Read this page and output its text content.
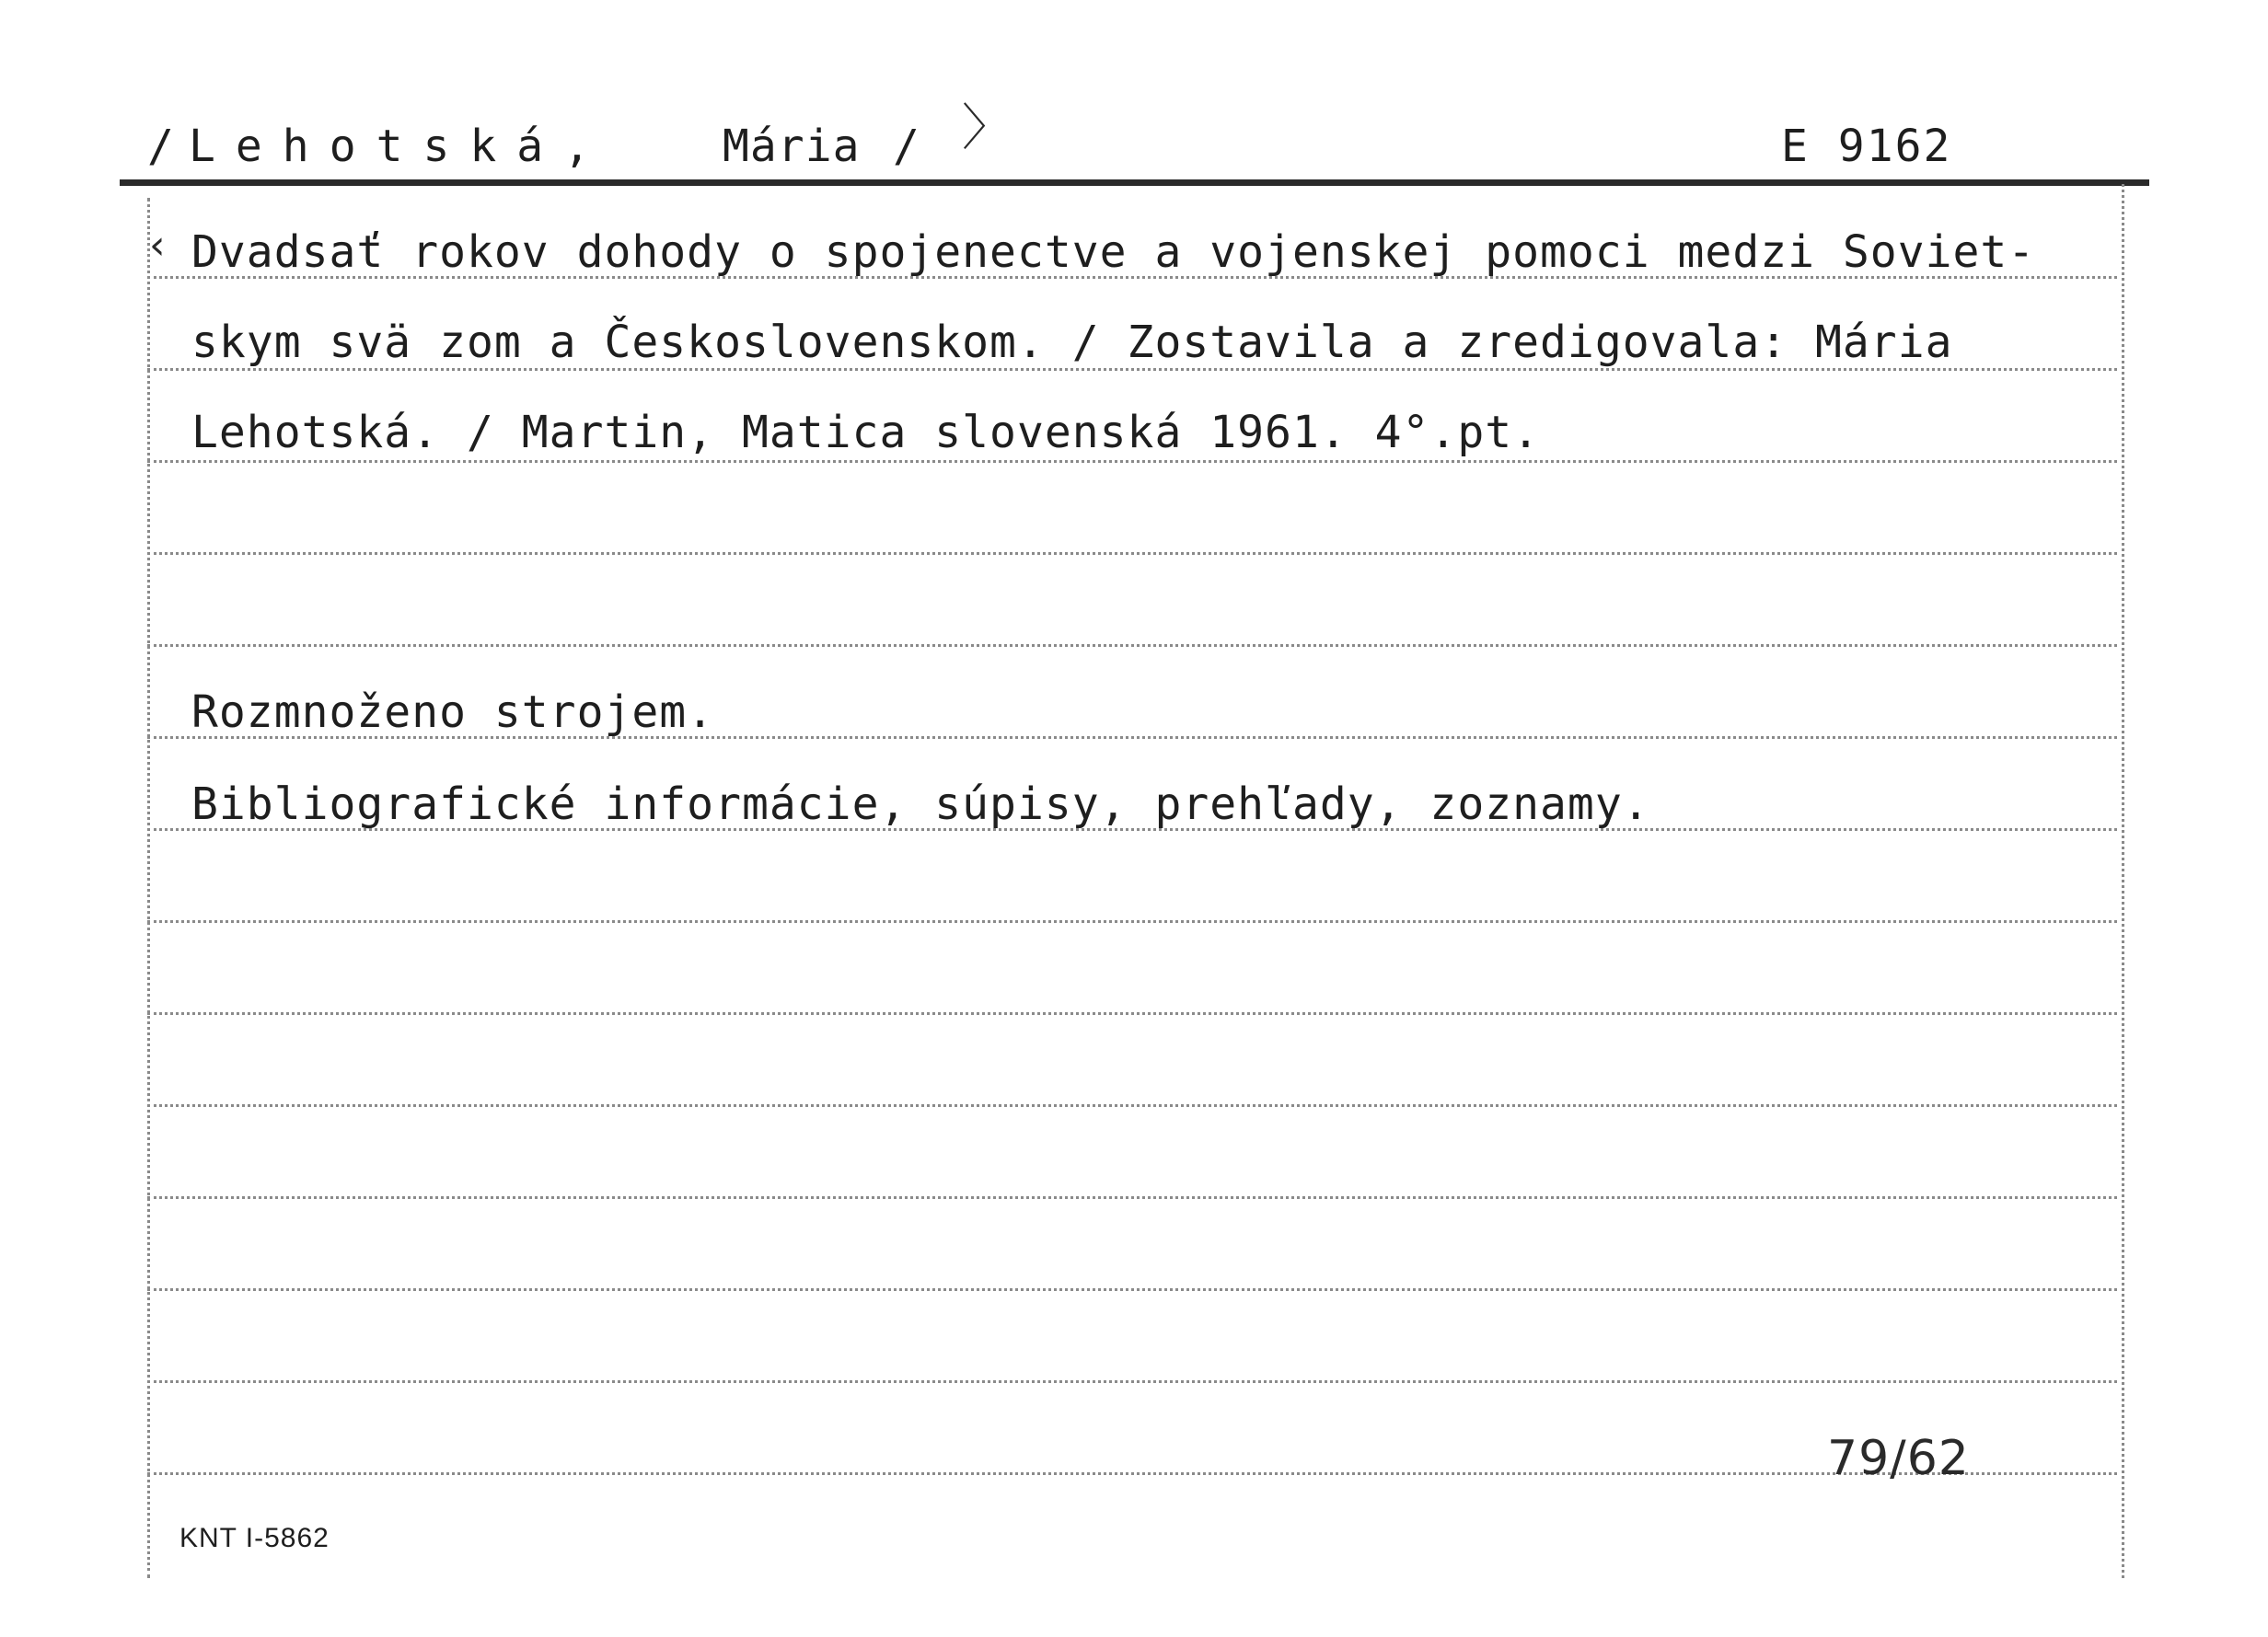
/ Lehotská,	Mária / 〉	E 9162
‹ Dvadsať rokov dohody o spojenectve a vojenskej pomoci medzi Soviet-
skym svä zom a Československom. / Zostavila a zredigovala: Mária
Lehotská. / Martin, Matica slovenská 1961. 4°.pt.
Rozmnoženo strojem.
Bibliografické informácie, súpisy, prehľady, zoznamy.
79/62
KNT I-5862
